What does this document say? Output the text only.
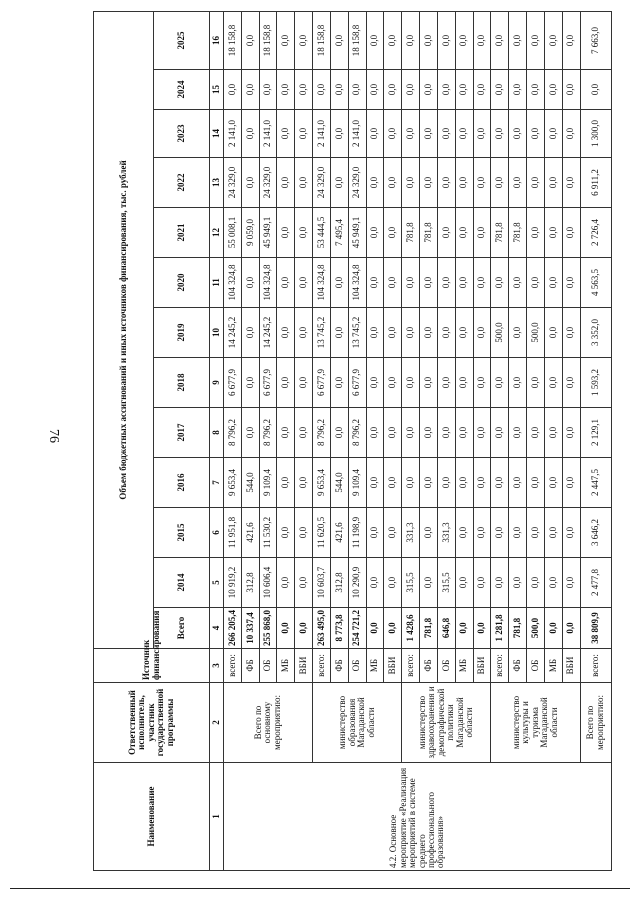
76
Наименование	Ответственный исполнитель, участник государственной программы	Источник финансирования	Объем бюджетных ассигнований и иных источников финансирования, тыс. рублей												
			Всего	2014	2015	2016	2017	2018	2019	2020	2021	2022	2023	2024	2025
1	2	3	4	5	6	7	8	9	10	11	12	13	14	15	16
4.2. Основное мероприятие «Реализация мероприятий в системе среднего профессионального образования»	Всего по основному мероприятию:	всего:	266 205,4	10 919,2	11 951,8	9 653,4	8 796,2	6 677,9	14 245,2	104 324,8	55 008,1	24 329,0	2 141,0	0,0	18 158,8
		ФБ	10 337,4	312,8	421,6	544,0	0,0	0,0	0,0	0,0	9 059,0	0,0	0,0	0,0	0,0
		ОБ	255 868,0	10 606,4	11 530,2	9 109,4	8 796,2	6 677,9	14 245,2	104 324,8	45 949,1	24 329,0	2 141,0	0,0	18 158,8
		МБ	0,0	0,0	0,0	0,0	0,0	0,0	0,0	0,0	0,0	0,0	0,0	0,0	0,0
		ВБИ	0,0	0,0	0,0	0,0	0,0	0,0	0,0	0,0	0,0	0,0	0,0	0,0	0,0
	министерство образования Магаданской области	всего:	263 495,0	10 603,7	11 620,5	9 653,4	8 796,2	6 677,9	13 745,2	104 324,8	53 444,5	24 329,0	2 141,0	0,0	18 158,8
		ФБ	8 773,8	312,8	421,6	544,0	0,0	0,0	0,0	0,0	7 495,4	0,0	0,0	0,0	0,0
		ОБ	254 721,2	10 290,9	11 198,9	9 109,4	8 796,2	6 677,9	13 745,2	104 324,8	45 949,1	24 329,0	2 141,0	0,0	18 158,8
		МБ	0,0	0,0	0,0	0,0	0,0	0,0	0,0	0,0	0,0	0,0	0,0	0,0	0,0
		ВБИ	0,0	0,0	0,0	0,0	0,0	0,0	0,0	0,0	0,0	0,0	0,0	0,0	0,0
	министерство здравоохранения и демографической политики Магаданской области	всего:	1 428,6	315,5	331,3	0,0	0,0	0,0	0,0	0,0	781,8	0,0	0,0	0,0	0,0
		ФБ	781,8	0,0	0,0	0,0	0,0	0,0	0,0	0,0	781,8	0,0	0,0	0,0	0,0
		ОБ	646,8	315,5	331,3	0,0	0,0	0,0	0,0	0,0	0,0	0,0	0,0	0,0	0,0
		МБ	0,0	0,0	0,0	0,0	0,0	0,0	0,0	0,0	0,0	0,0	0,0	0,0	0,0
		ВБИ	0,0	0,0	0,0	0,0	0,0	0,0	0,0	0,0	0,0	0,0	0,0	0,0	0,0
	министерство культуры и туризма Магаданской области	всего:	1 281,8	0,0	0,0	0,0	0,0	0,0	500,0	0,0	781,8	0,0	0,0	0,0	0,0
		ФБ	781,8	0,0	0,0	0,0	0,0	0,0	0,0	0,0	781,8	0,0	0,0	0,0	0,0
		ОБ	500,0	0,0	0,0	0,0	0,0	0,0	500,0	0,0	0,0	0,0	0,0	0,0	0,0
		МБ	0,0	0,0	0,0	0,0	0,0	0,0	0,0	0,0	0,0	0,0	0,0	0,0	0,0
		ВБИ	0,0	0,0	0,0	0,0	0,0	0,0	0,0	0,0	0,0	0,0	0,0	0,0	0,0
	Всего по мероприятию:	всего:	38 809,9	2 477,8	3 646,2	2 447,5	2 129,1	1 593,2	3 352,0	4 563,5	2 726,4	6 911,2	1 300,0	0,0	7 663,0
